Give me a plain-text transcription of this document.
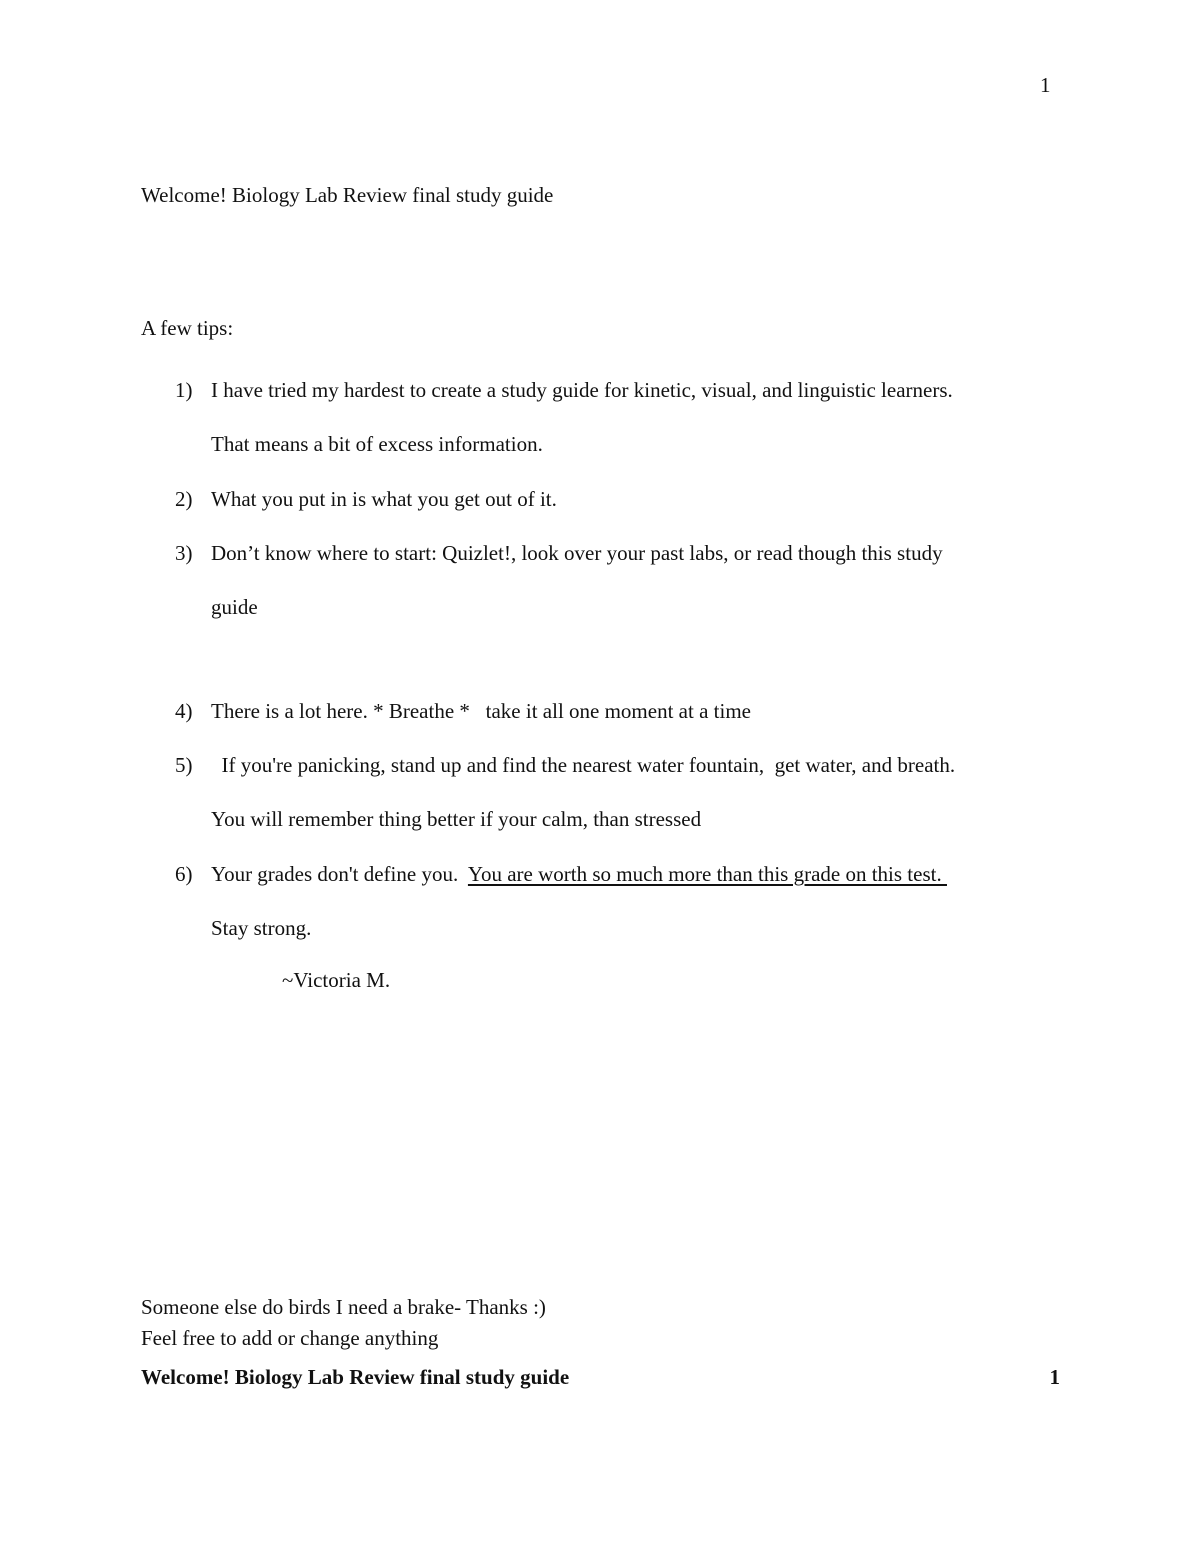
1
Welcome! Biology Lab Review final study guide
A few tips:
1) I have tried my hardest to create a study guide for kinetic, visual, and linguistic learners.
That means a bit of excess information.
2) What you put in is what you get out of it.
3) Don’t know where to start: Quizlet!, look over your past labs, or read though this study
guide
4) There is a lot here. * Breathe *   take it all one moment at a time
5) If you're panicking, stand up and find the nearest water fountain,  get water, and breath.
You will remember thing better if your calm, than stressed
6) Your grades don't define you.  You are worth so much more than this grade on this test.
Stay strong.
~Victoria M.
Someone else do birds I need a brake- Thanks :)
Feel free to add or change anything
Welcome! Biology Lab Review final study guide	1
